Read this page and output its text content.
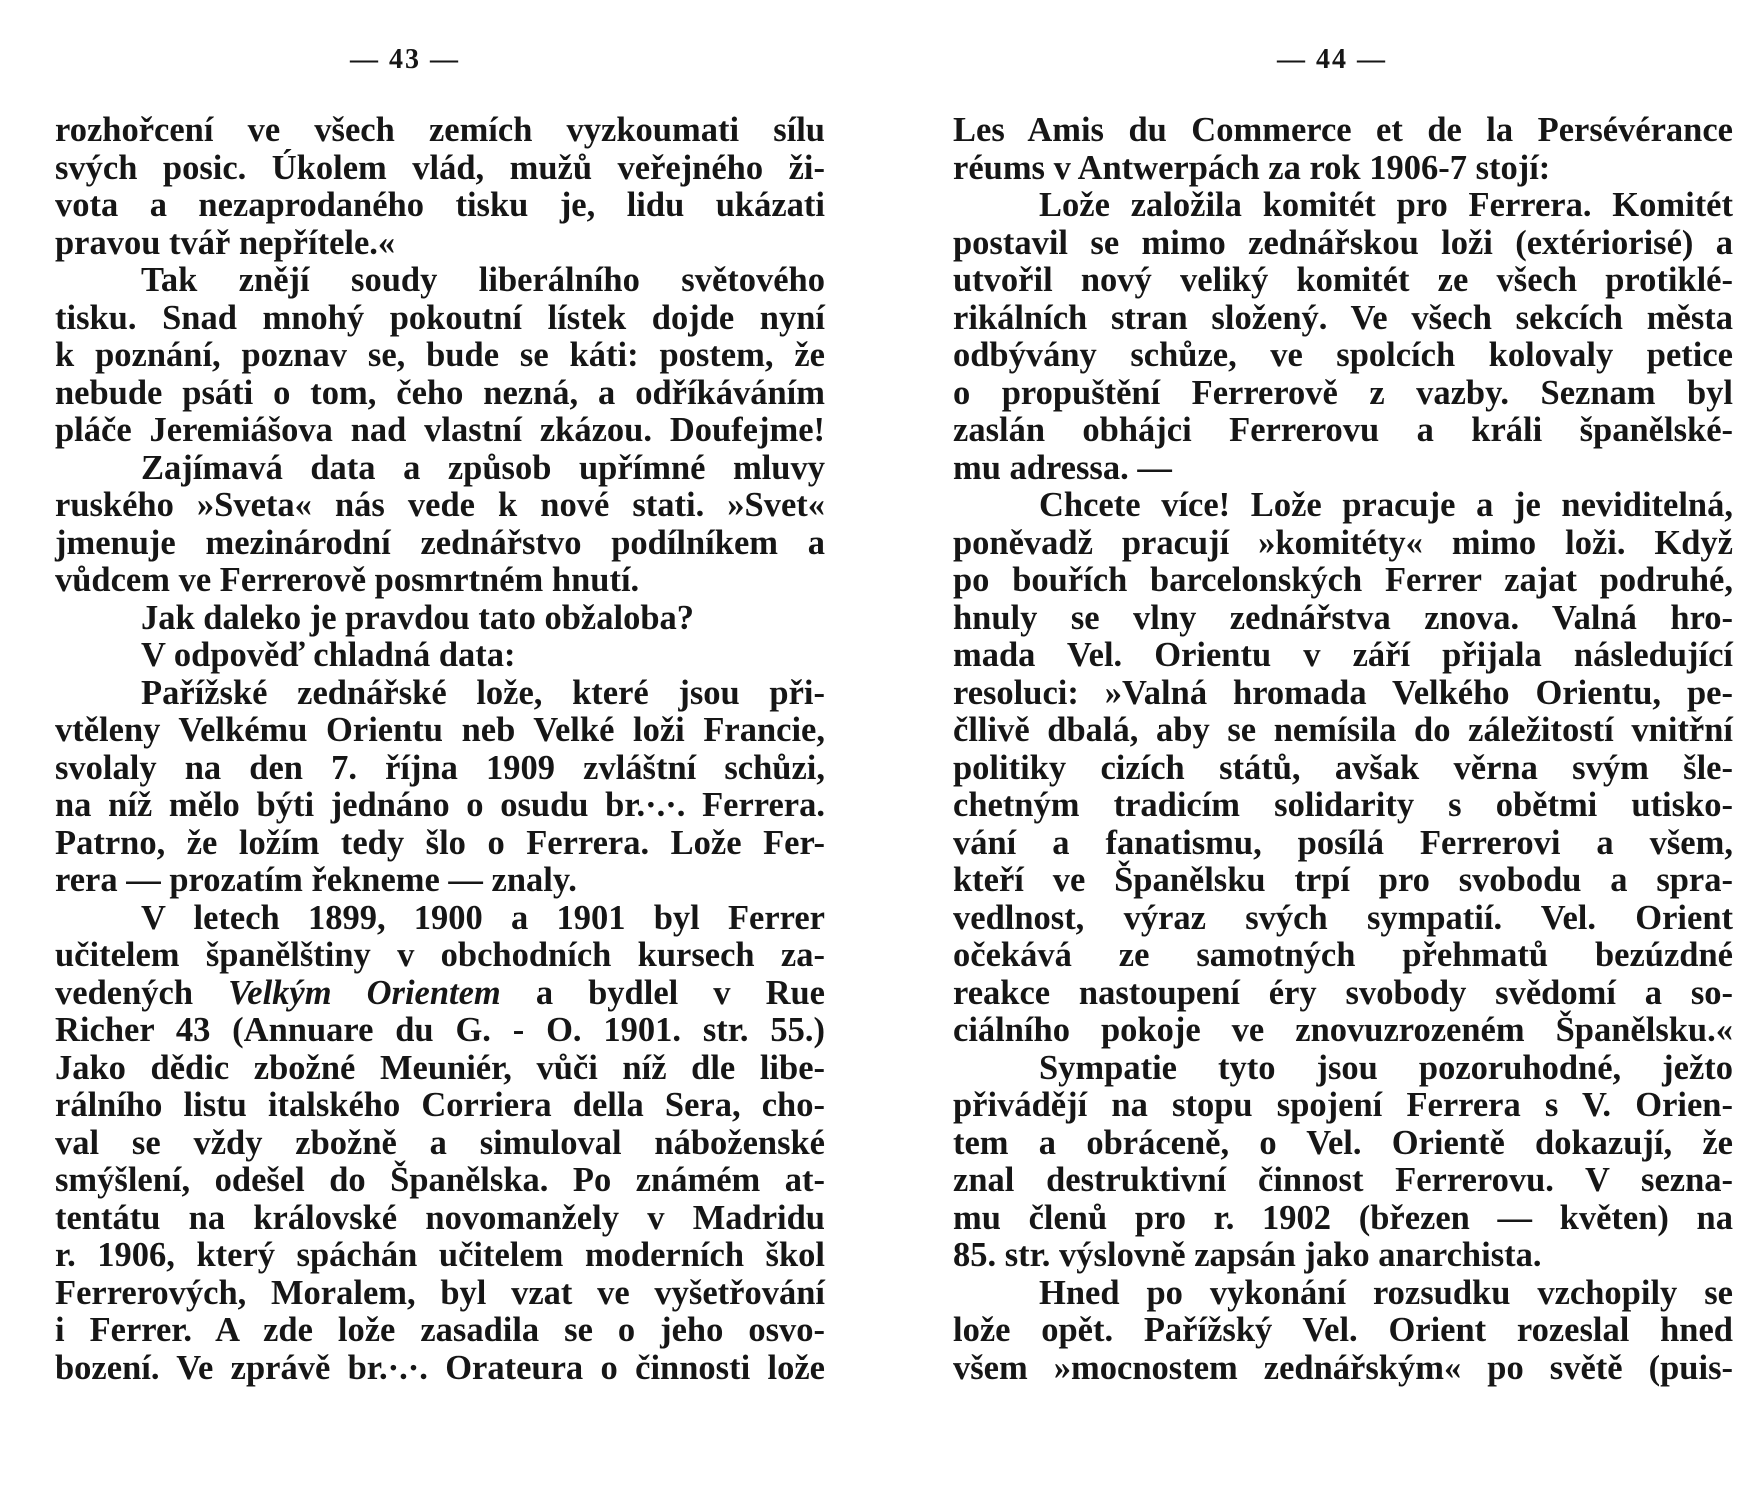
— 43 —
rozhořcení ve všech zemích vyzkoumati sílu
svých posic. Úkolem vlád, mužů veřejného ži-
vota a nezaprodaného tisku je, lidu ukázati
pravou tvář nepřítele.«
Tak znějí soudy liberálního světového
tisku. Snad mnohý pokoutní lístek dojde nyní
k poznání, poznav se, bude se káti: postem, že
nebude psáti o tom, čeho nezná, a odříkáváním
pláče Jeremiášova nad vlastní zkázou. Doufejme!
Zajímavá data a způsob upřímné mluvy
ruského »Sveta« nás vede k nové stati. »Svet«
jmenuje mezinárodní zednářstvo podílníkem a
vůdcem ve Ferrerově posmrtném hnutí.
Jak daleko je pravdou tato obžaloba?
V odpověď chladná data:
Pařížské zednářské lože, které jsou při-
vtěleny Velkému Orientu neb Velké loži Francie,
svolaly na den 7. října 1909 zvláštní schůzi,
na níž mělo býti jednáno o osudu br.·.·. Ferrera.
Patrno, že ložím tedy šlo o Ferrera. Lože Fer-
rera — prozatím řekneme — znaly.
V letech 1899, 1900 a 1901 byl Ferrer
učitelem španělštiny v obchodních kursech za-
vedených Velkým Orientem a bydlel v Rue
Richer 43 (Annuare du G. - O. 1901. str. 55.)
Jako dědic zbožné Meuniér, vůči níž dle libe-
rálního listu italského Corriera della Sera, cho-
val se vždy zbožně a simuloval náboženské
smýšlení, odešel do Španělska. Po známém at-
tentátu na královské novomanžely v Madridu
r. 1906, který spáchán učitelem moderních škol
Ferrerových, Moralem, byl vzat ve vyšetřování
i Ferrer. A zde lože zasadila se o jeho osvo-
bození. Ve zprávě br.·.·. Orateura o činnosti lože
— 44 —
Les Amis du Commerce et de la Persévérance
réums v Antwerpách za rok 1906-7 stojí:
Lože založila komitét pro Ferrera. Komitét
postavil se mimo zednářskou loži (extériorisé) a
utvořil nový veliký komitét ze všech protiklé-
rikálních stran složený. Ve všech sekcích města
odbývány schůze, ve spolcích kolovaly petice
o propuštění Ferrerově z vazby. Seznam byl
zaslán obhájci Ferrerovu a králi španělské-
mu adressa. —
Chcete více! Lože pracuje a je neviditelná,
poněvadž pracují »komitéty« mimo loži. Když
po bouřích barcelonských Ferrer zajat podruhé,
hnuly se vlny zednářstva znova. Valná hro-
mada Vel. Orientu v září přijala následující
resoluci: »Valná hromada Velkého Orientu, pe-
čllivě dbalá, aby se nemísila do záležitostí vnitřní
politiky cizích států, avšak věrna svým šle-
chetným tradicím solidarity s obětmi utisko-
vání a fanatismu, posílá Ferrerovi a všem,
kteří ve Španělsku trpí pro svobodu a spra-
vedlnost, výraz svých sympatií. Vel. Orient
očekává ze samotných přehmatů bezúzdné
reakce nastoupení éry svobody svědomí a so-
ciálního pokoje ve znovuzrozeném Španělsku.«
Sympatie tyto jsou pozoruhodné, ježto
přivádějí na stopu spojení Ferrera s V. Orien-
tem a obráceně, o Vel. Orientě dokazují, že
znal destruktivní činnost Ferrerovu. V sezna-
mu členů pro r. 1902 (březen — květen) na
85. str. výslovně zapsán jako anarchista.
Hned po vykonání rozsudku vzchopily se
lože opět. Pařížský Vel. Orient rozeslal hned
všem »mocnostem zednářským« po světě (puis-
